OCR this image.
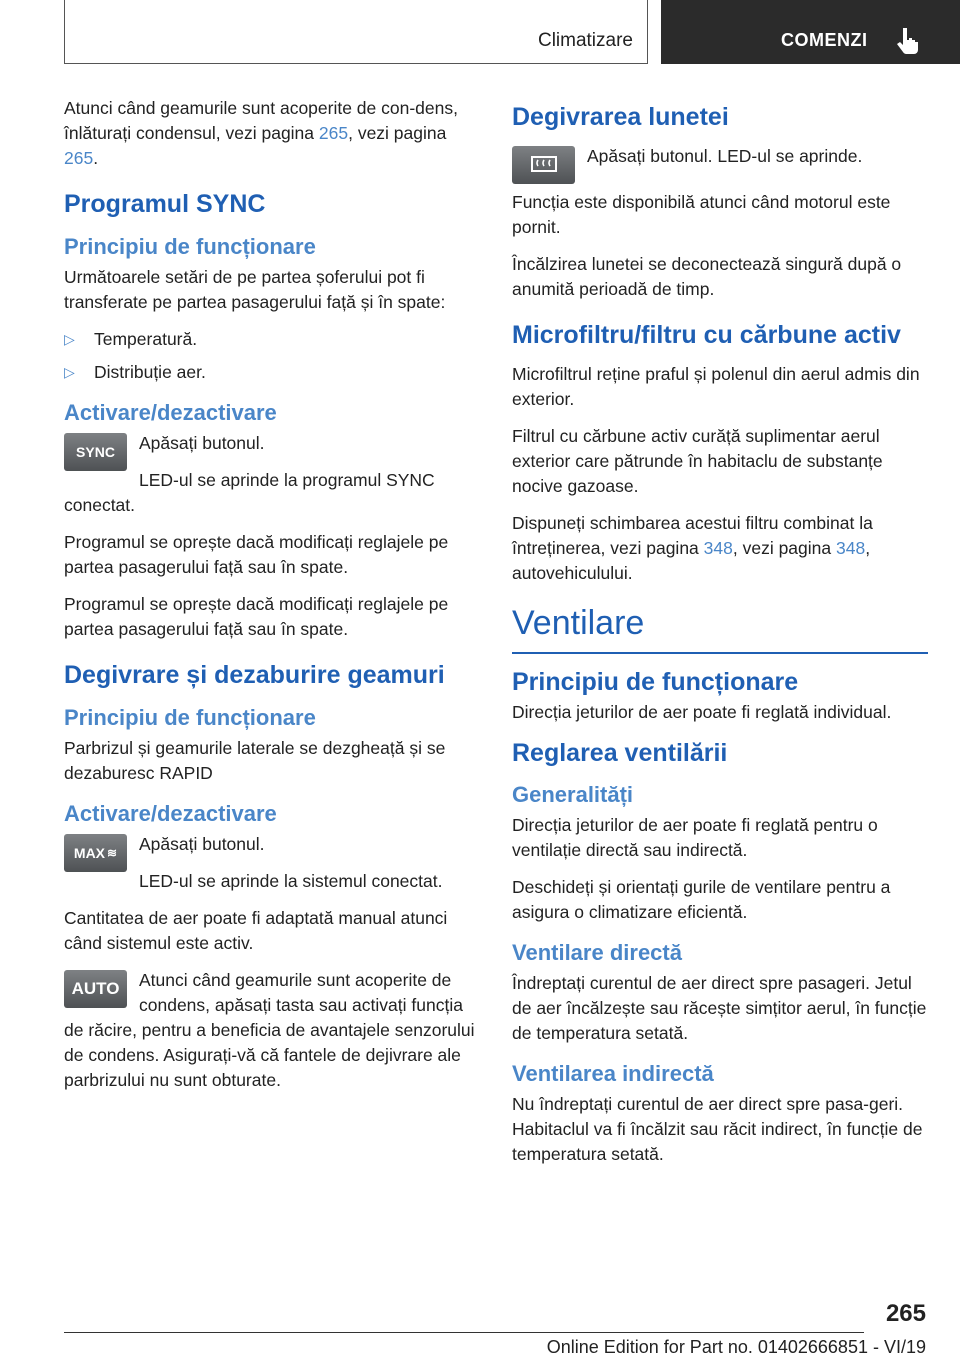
Climatizare	COMENZI

Atunci când geamurile sunt acoperite de con-dens, înlăturați condensul, vezi pagina 265, vezi pagina 265.

Programul SYNC
Principiu de funcționare

Următoarele setări de pe partea șoferului pot fi transferate pe partea pasagerului față și în spate:

▷ Temperatură.
▷ Distribuție aer.
Activare/dezactivare
SYNC	Apăsați butonul.

LED-ul se aprinde la programul SYNC conectat.

Programul se oprește dacă modificați reglajele pe partea pasagerului față sau în spate.

Programul se oprește dacă modificați reglajele pe partea pasagerului față sau în spate.

Degivrare și dezaburire geamuri
Principiu de funcționare

Parbrizul și geamurile laterale se dezgheață și se dezaburesc RAPID

Activare/dezactivare
MAX ≋	Apăsați butonul.

LED-ul se aprinde la sistemul conectat.

Cantitatea de aer poate fi adaptată manual atunci când sistemul este activ.

AUTO	Atunci când geamurile sunt acoperite de condens, apăsați tasta sau activați funcția de răcire, pentru a beneficia de avantajele senzorului de condens. Asigurați-vă că fantele de dejivrare ale parbrizului nu sunt obturate.

Degivrarea lunetei

Apăsați butonul. LED-ul se aprinde.

Funcția este disponibilă atunci când motorul este pornit.

Încălzirea lunetei se deconectează singură după o anumită perioadă de timp.

Microfiltru/filtru cu cărbune activ

Microfiltrul reține praful și polenul din aerul admis din exterior.

Filtrul cu cărbune activ curăță suplimentar aerul exterior care pătrunde în habitaclu de substanțe nocive gazoase.

Dispuneți schimbarea acestui filtru combinat la întreținerea, vezi pagina 348, vezi pagina 348, autovehiculului.

Ventilare
Principiu de funcționare

Direcția jeturilor de aer poate fi reglată individual.

Reglarea ventilării
Generalități

Direcția jeturilor de aer poate fi reglată pentru o ventilație directă sau indirectă.

Deschideți și orientați gurile de ventilare pentru a asigura o climatizare eficientă.

Ventilare directă

Îndreptați curentul de aer direct spre pasageri. Jetul de aer încălzește sau răcește simțitor aerul, în funcție de temperatura setată.

Ventilarea indirectă

Nu îndreptați curentul de aer direct spre pasa-geri. Habitaclul va fi încălzit sau răcit indirect, în funcție de temperatura setată.

265
Online Edition for Part no. 01402666851 - VI/19
